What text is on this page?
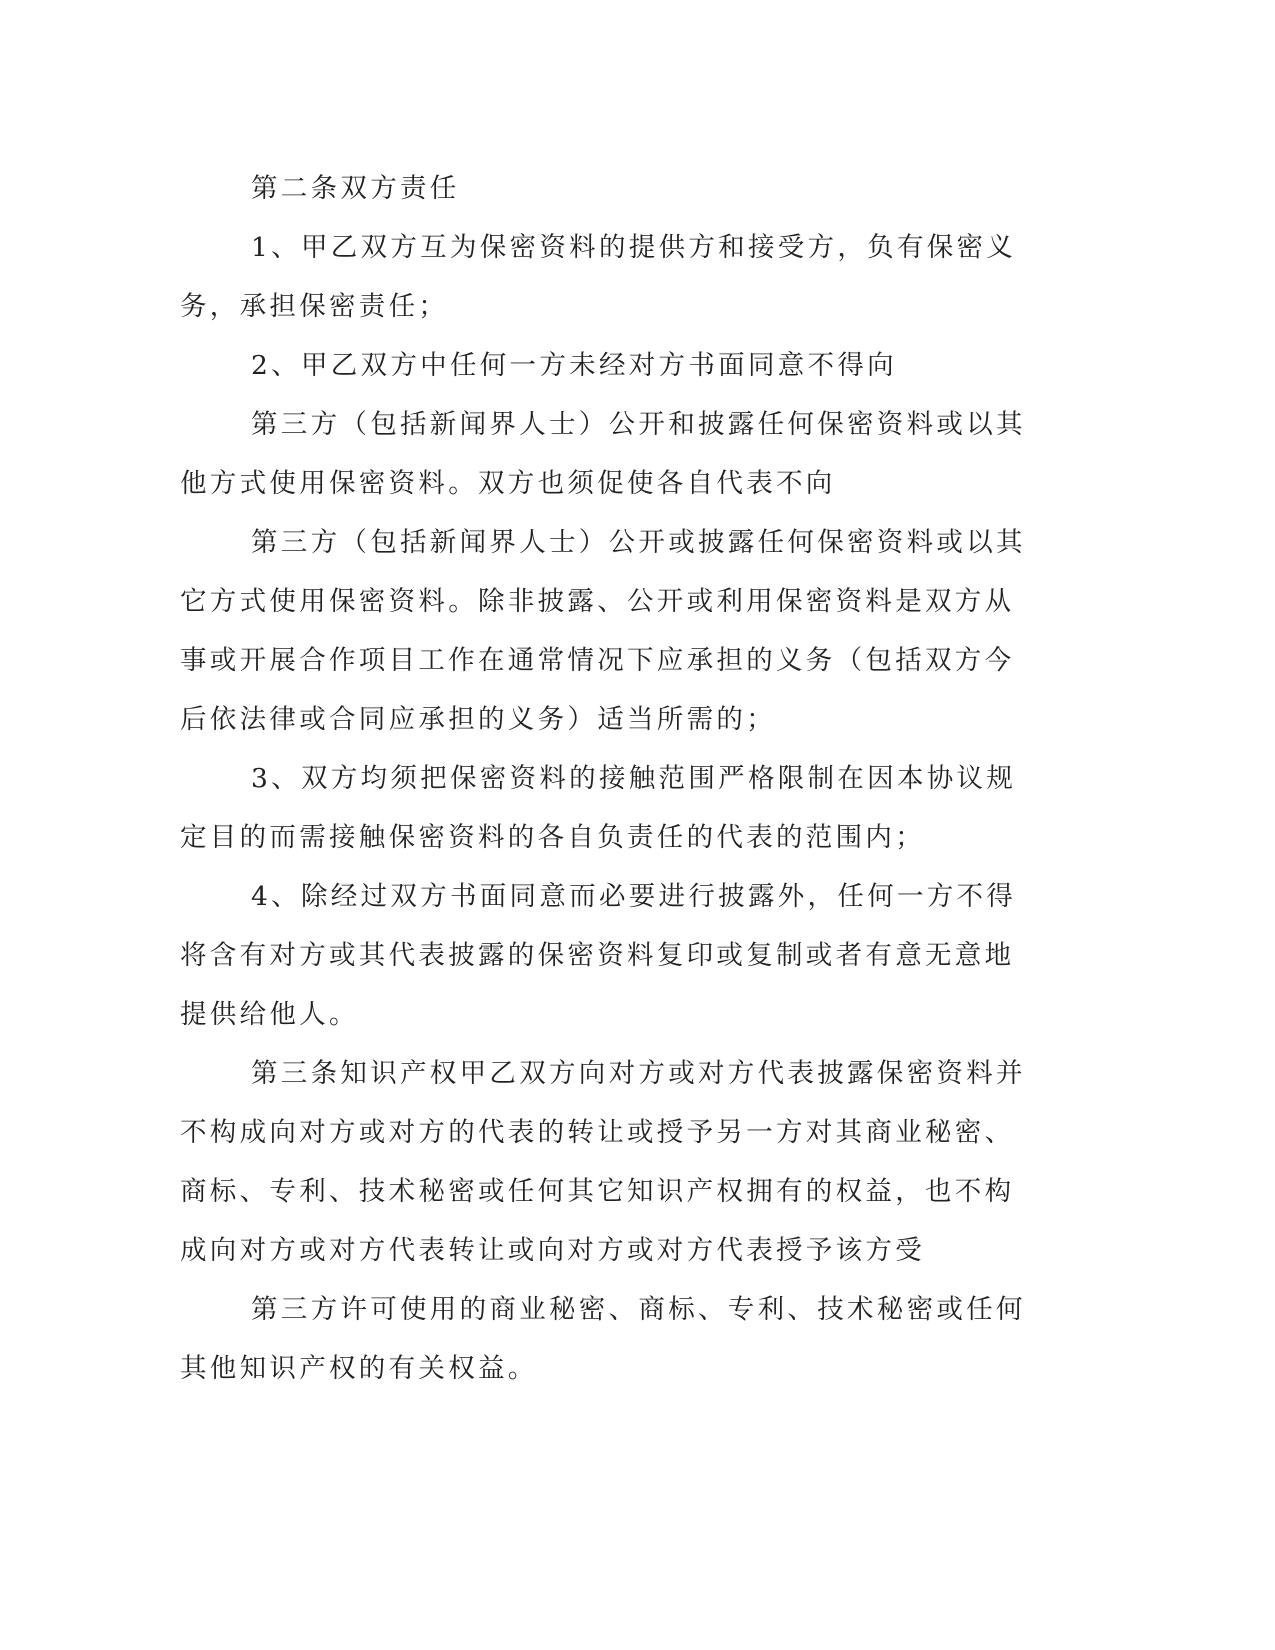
第二条双方责任

1、甲乙双方互为保密资料的提供方和接受方，负有保密义务，承担保密责任；

2、甲乙双方中任何一方未经对方书面同意不得向

第三方（包括新闻界人士）公开和披露任何保密资料或以其他方式使用保密资料。双方也须促使各自代表不向

第三方（包括新闻界人士）公开或披露任何保密资料或以其它方式使用保密资料。除非披露、公开或利用保密资料是双方从事或开展合作项目工作在通常情况下应承担的义务（包括双方今后依法律或合同应承担的义务）适当所需的；

3、双方均须把保密资料的接触范围严格限制在因本协议规定目的而需接触保密资料的各自负责任的代表的范围内；

4、除经过双方书面同意而必要进行披露外，任何一方不得将含有对方或其代表披露的保密资料复印或复制或者有意无意地提供给他人。

第三条知识产权甲乙双方向对方或对方代表披露保密资料并不构成向对方或对方的代表的转让或授予另一方对其商业秘密、商标、专利、技术秘密或任何其它知识产权拥有的权益，也不构成向对方或对方代表转让或向对方或对方代表授予该方受

第三方许可使用的商业秘密、商标、专利、技术秘密或任何其他知识产权的有关权益。
